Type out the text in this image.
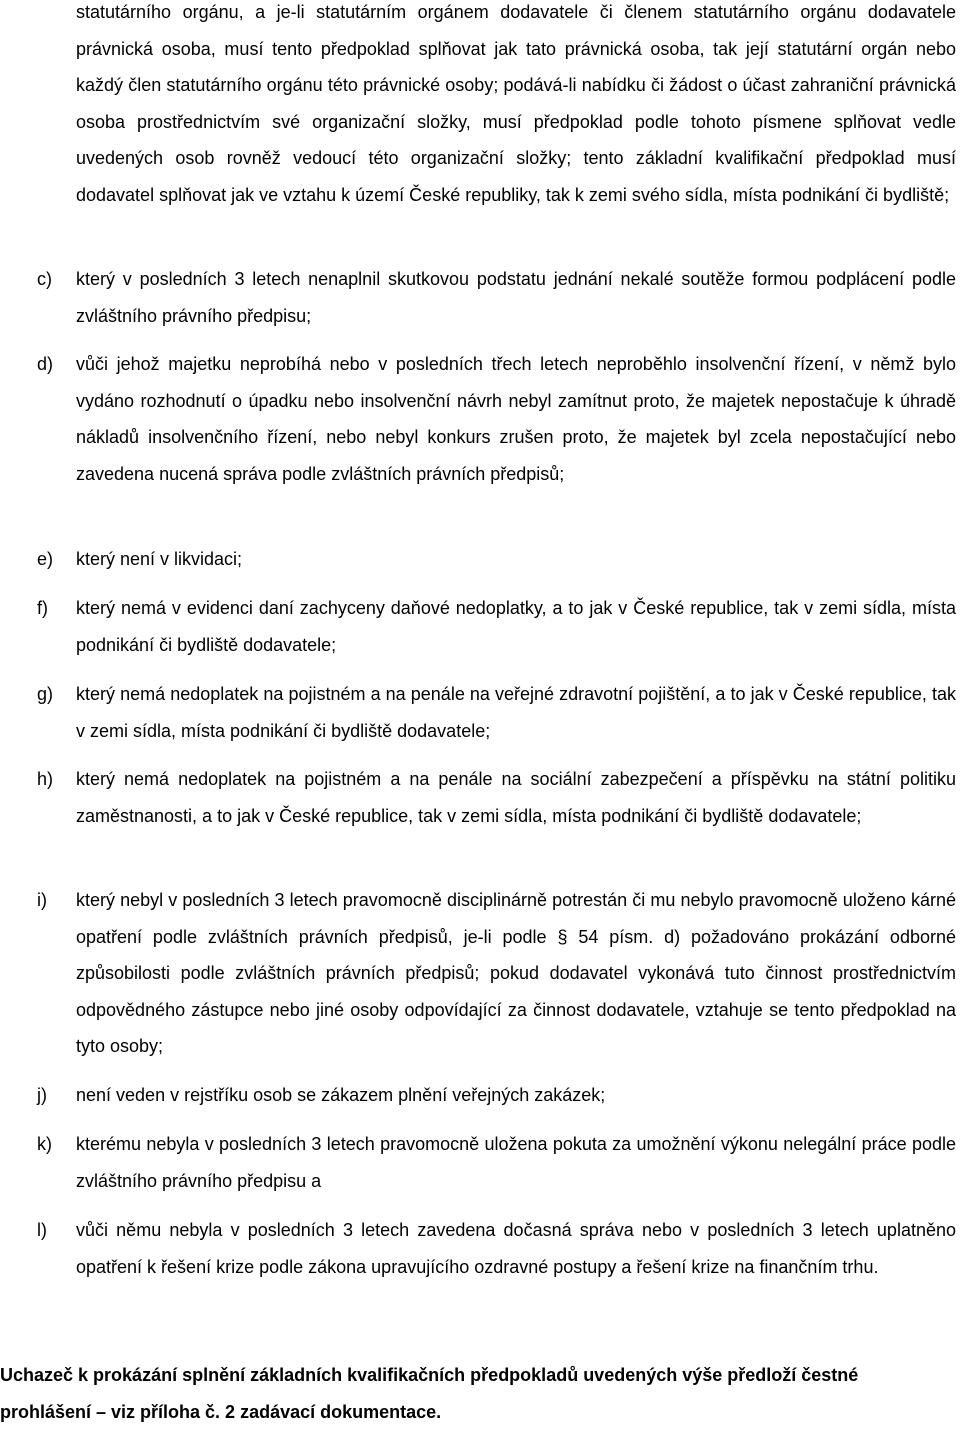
statutárního orgánu, a je-li statutárním orgánem dodavatele či členem statutárního orgánu dodavatele právnická osoba, musí tento předpoklad splňovat jak tato právnická osoba, tak její statutární orgán nebo každý člen statutárního orgánu této právnické osoby; podává-li nabídku či žádost o účast zahraniční právnická osoba prostřednictvím své organizační složky, musí předpoklad podle tohoto písmene splňovat vedle uvedených osob rovněž vedoucí této organizační složky; tento základní kvalifikační předpoklad musí dodavatel splňovat jak ve vztahu k území České republiky, tak k zemi svého sídla, místa podnikání či bydliště;
c) který v posledních 3 letech nenaplnil skutkovou podstatu jednání nekalé soutěže formou podplácení podle zvláštního právního předpisu;
d) vůči jehož majetku neprobíhá nebo v posledních třech letech neproběhlo insolvenční řízení, v němž bylo vydáno rozhodnutí o úpadku nebo insolvenční návrh nebyl zamítnut proto, že majetek nepostačuje k úhradě nákladů insolvenčního řízení, nebo nebyl konkurs zrušen proto, že majetek byl zcela nepostačující nebo zavedena nucená správa podle zvláštních právních předpisů;
e) který není v likvidaci;
f) který nemá v evidenci daní zachyceny daňové nedoplatky, a to jak v České republice, tak v zemi sídla, místa podnikání či bydliště dodavatele;
g) který nemá nedoplatek na pojistném a na penále na veřejné zdravotní pojištění, a to jak v České republice, tak v zemi sídla, místa podnikání či bydliště dodavatele;
h) který nemá nedoplatek na pojistném a na penále na sociální zabezpečení a příspěvku na státní politiku zaměstnanosti, a to jak v České republice, tak v zemi sídla, místa podnikání či bydliště dodavatele;
i) který nebyl v posledních 3 letech pravomocně disciplinárně potrestán či mu nebylo pravomocně uloženo kárné opatření podle zvláštních právních předpisů, je-li podle § 54 písm. d) požadováno prokázání odborné způsobilosti podle zvláštních právních předpisů; pokud dodavatel vykonává tuto činnost prostřednictvím odpovědného zástupce nebo jiné osoby odpovídající za činnost dodavatele, vztahuje se tento předpoklad na tyto osoby;
j) není veden v rejstříku osob se zákazem plnění veřejných zakázek;
k) kterému nebyla v posledních 3 letech pravomocně uložena pokuta za umožnění výkonu nelegální práce podle zvláštního právního předpisu a
l) vůči němu nebyla v posledních 3 letech zavedena dočasná správa nebo v posledních 3 letech uplatněno opatření k řešení krize podle zákona upravujícího ozdravné postupy a řešení krize na finančním trhu.
Uchazeč k prokázání splnění základních kvalifikačních předpokladů uvedených výše předloží čestné prohlášení – viz příloha č. 2 zadávací dokumentace.
